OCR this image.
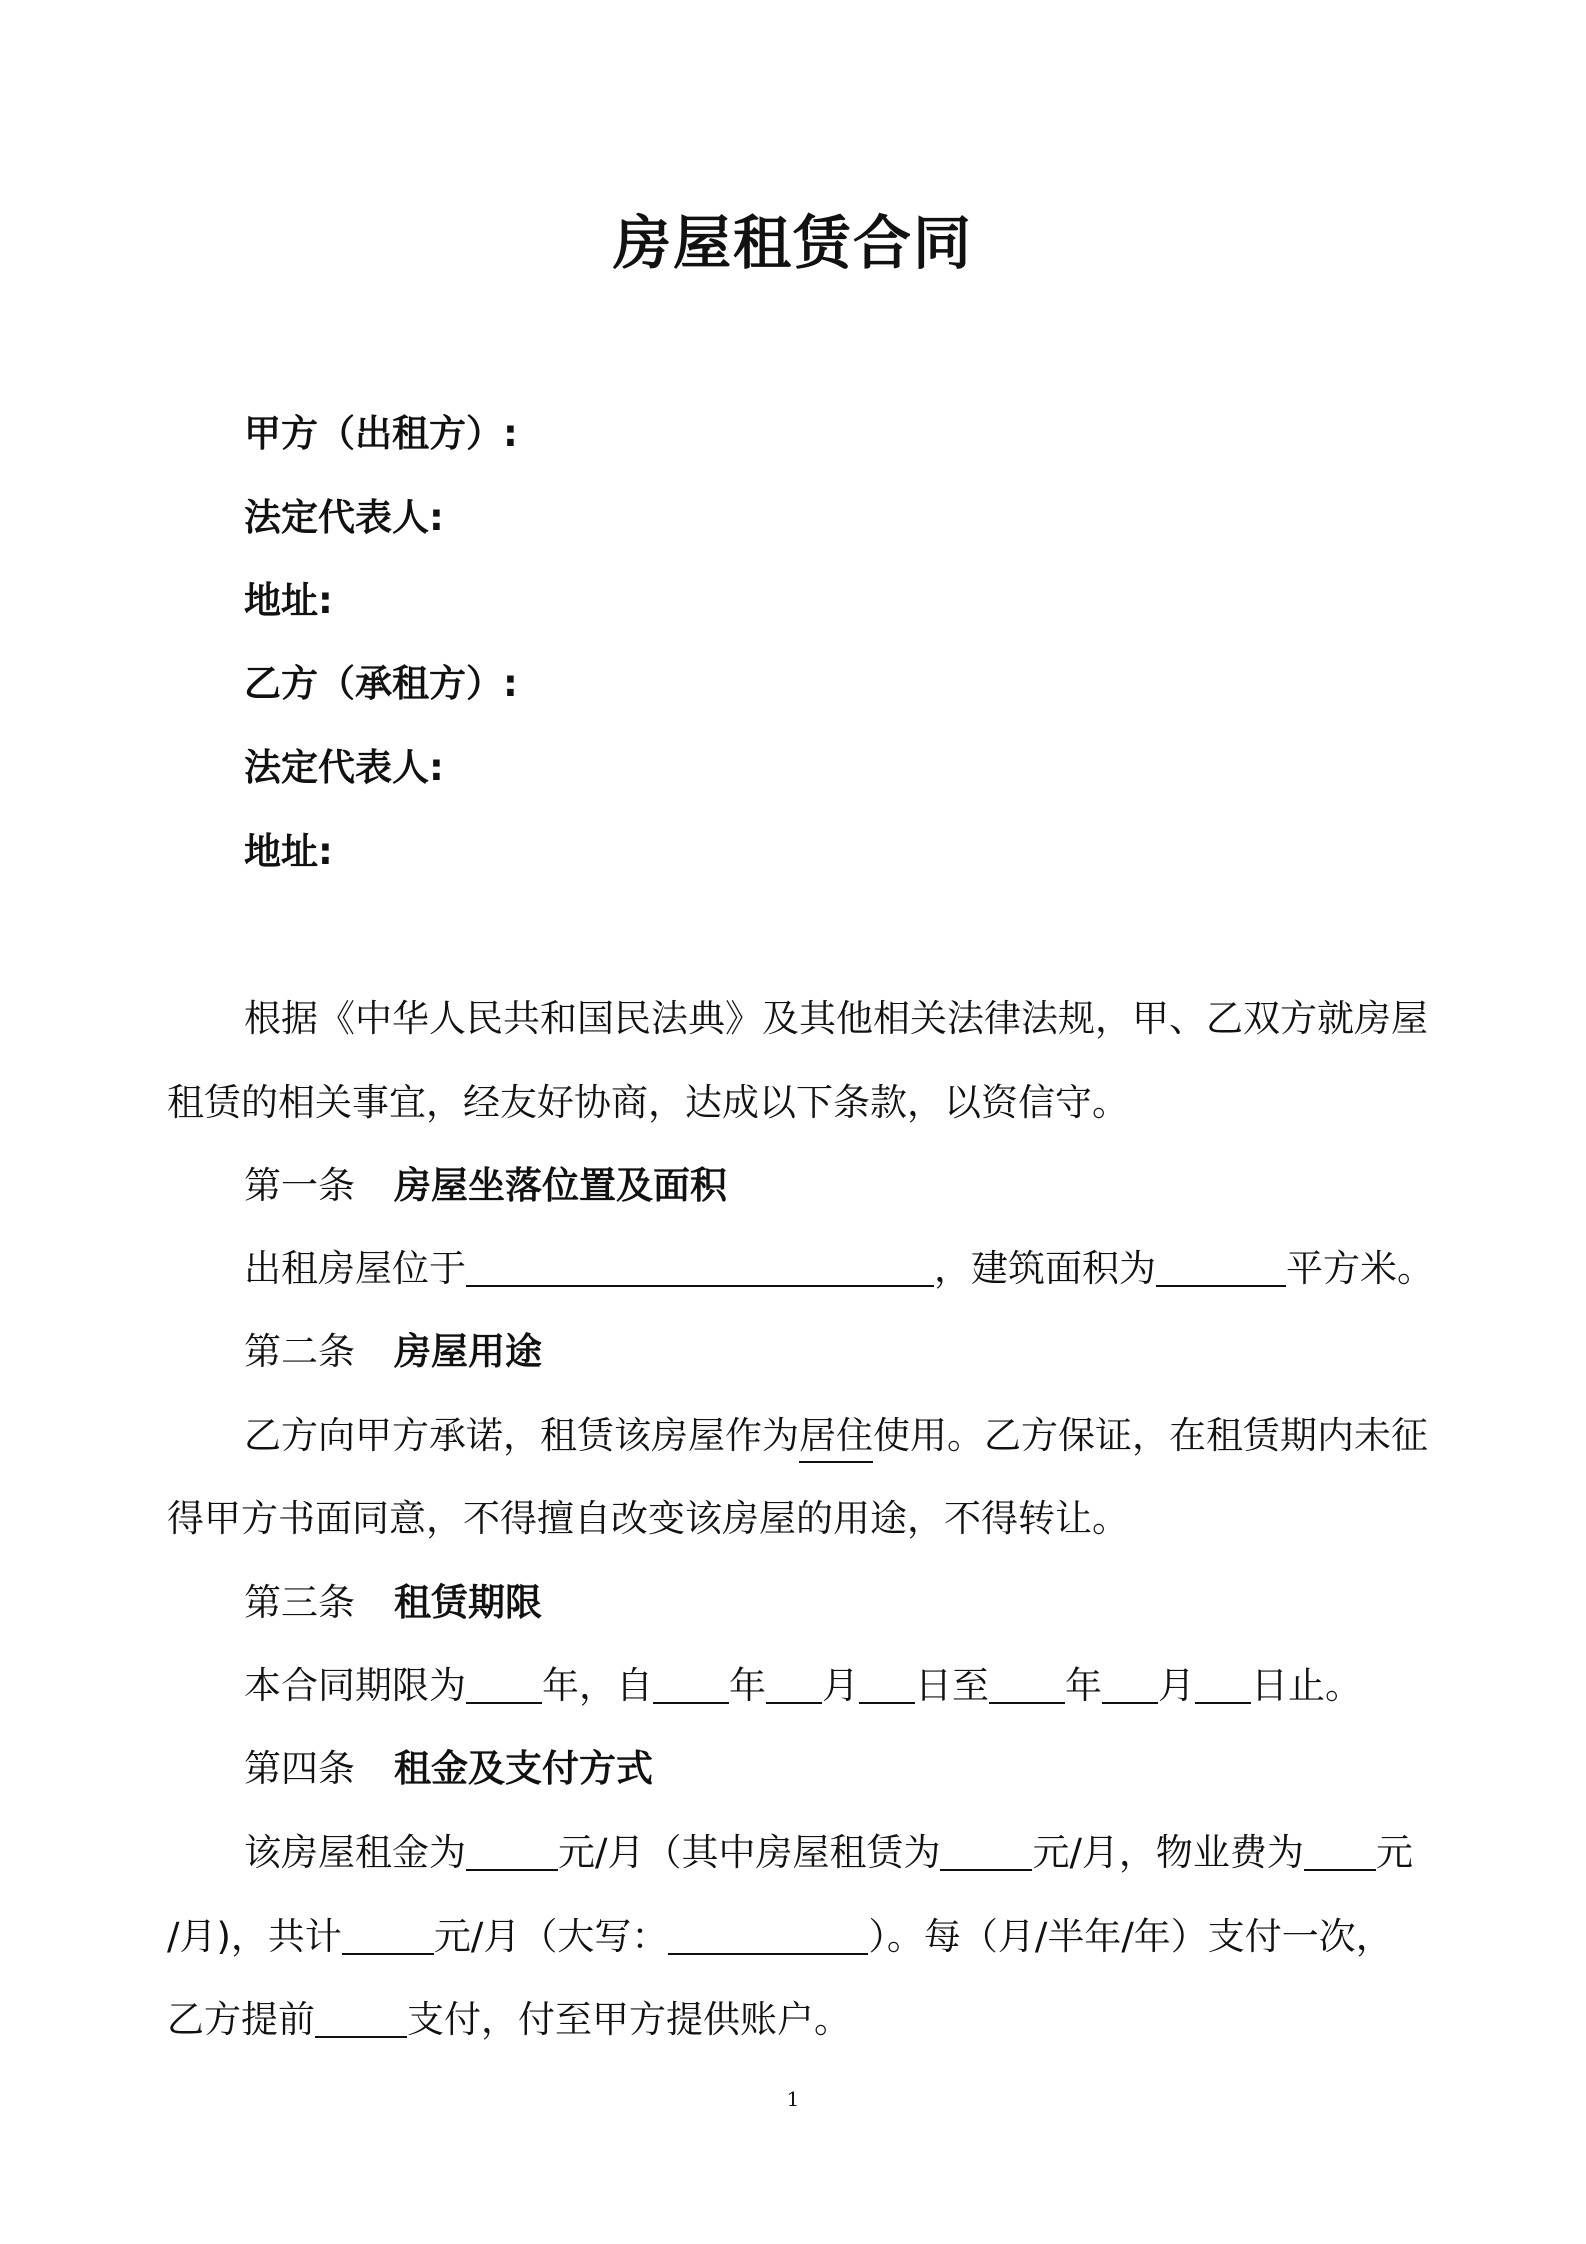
房屋租赁合同
甲方（出租方）:
法定代表人:
地址:
乙方（承租方）:
法定代表人:
地址:
根据《中华人民共和国民法典》及其他相关法律法规，甲、乙双方就房屋
租赁的相关事宜，经友好协商，达成以下条款，以资信守。
第一条 房屋坐落位置及面积
出租房屋位于	，建筑面积为	平方米。
第二条 房屋用途
乙方向甲方承诺，租赁该房屋作为居住使用。乙方保证，在租赁期内未征
得甲方书面同意，不得擅自改变该房屋的用途，不得转让。
第三条 租赁期限
本合同期限为 年，自 年 月 日至 年 月 日止。
第四条 租金及支付方式
该房屋租金为 元/月（其中房屋租赁为 元/月，物业费为 元
/月)，共计 元/月（大写：	）。每（月/半年/年）支付一次，
乙方提前 支付，付至甲方提供账户。
1
